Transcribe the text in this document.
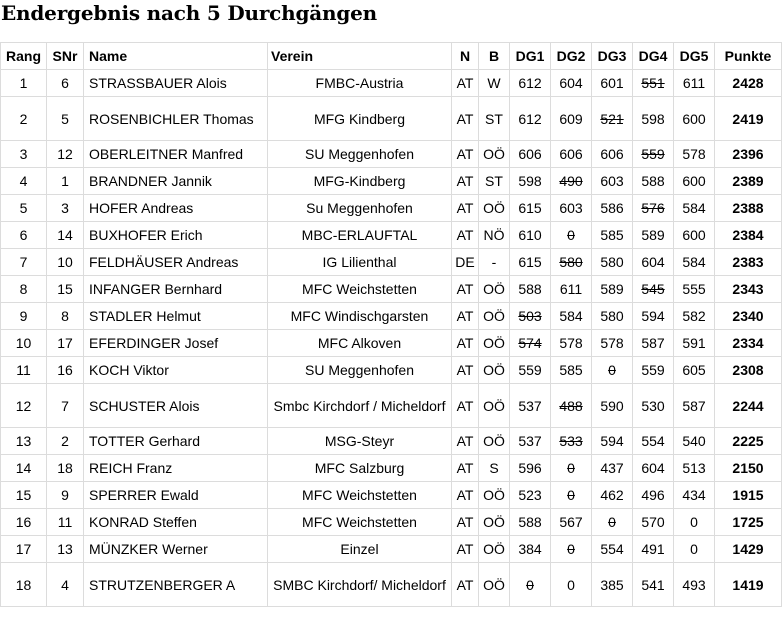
Endergebnis nach 5 Durchgängen
Rang	SNr	Name	Verein	N	B	DG1	DG2	DG3	DG4	DG5	Punkte
1	6	STRASSBAUER Alois	FMBC-Austria	AT	W	612	604	601	551	611	2428
2	5	ROSENBICHLER Thomas	MFG Kindberg	AT	ST	612	609	521	598	600	2419
3	12	OBERLEITNER Manfred	SU Meggenhofen	AT	OÖ	606	606	606	559	578	2396
4	1	BRANDNER Jannik	MFG-Kindberg	AT	ST	598	490	603	588	600	2389
5	3	HOFER Andreas	Su Meggenhofen	AT	OÖ	615	603	586	576	584	2388
6	14	BUXHOFER Erich	MBC-ERLAUFTAL	AT	NÖ	610	0	585	589	600	2384
7	10	FELDHÄUSER Andreas	IG Lilienthal	DE	-	615	580	580	604	584	2383
8	15	INFANGER Bernhard	MFC Weichstetten	AT	OÖ	588	611	589	545	555	2343
9	8	STADLER Helmut	MFC Windischgarsten	AT	OÖ	503	584	580	594	582	2340
10	17	EFERDINGER Josef	MFC Alkoven	AT	OÖ	574	578	578	587	591	2334
11	16	KOCH Viktor	SU Meggenhofen	AT	OÖ	559	585	0	559	605	2308
12	7	SCHUSTER Alois	Smbc Kirchdorf / Micheldorf	AT	OÖ	537	488	590	530	587	2244
13	2	TOTTER Gerhard	MSG-Steyr	AT	OÖ	537	533	594	554	540	2225
14	18	REICH Franz	MFC Salzburg	AT	S	596	0	437	604	513	2150
15	9	SPERRER Ewald	MFC Weichstetten	AT	OÖ	523	0	462	496	434	1915
16	11	KONRAD Steffen	MFC Weichstetten	AT	OÖ	588	567	0	570	0	1725
17	13	MÜNZKER Werner	Einzel	AT	OÖ	384	0	554	491	0	1429
18	4	STRUTZENBERGER A	SMBC Kirchdorf/ Micheldorf	AT	OÖ	0	0	385	541	493	1419
